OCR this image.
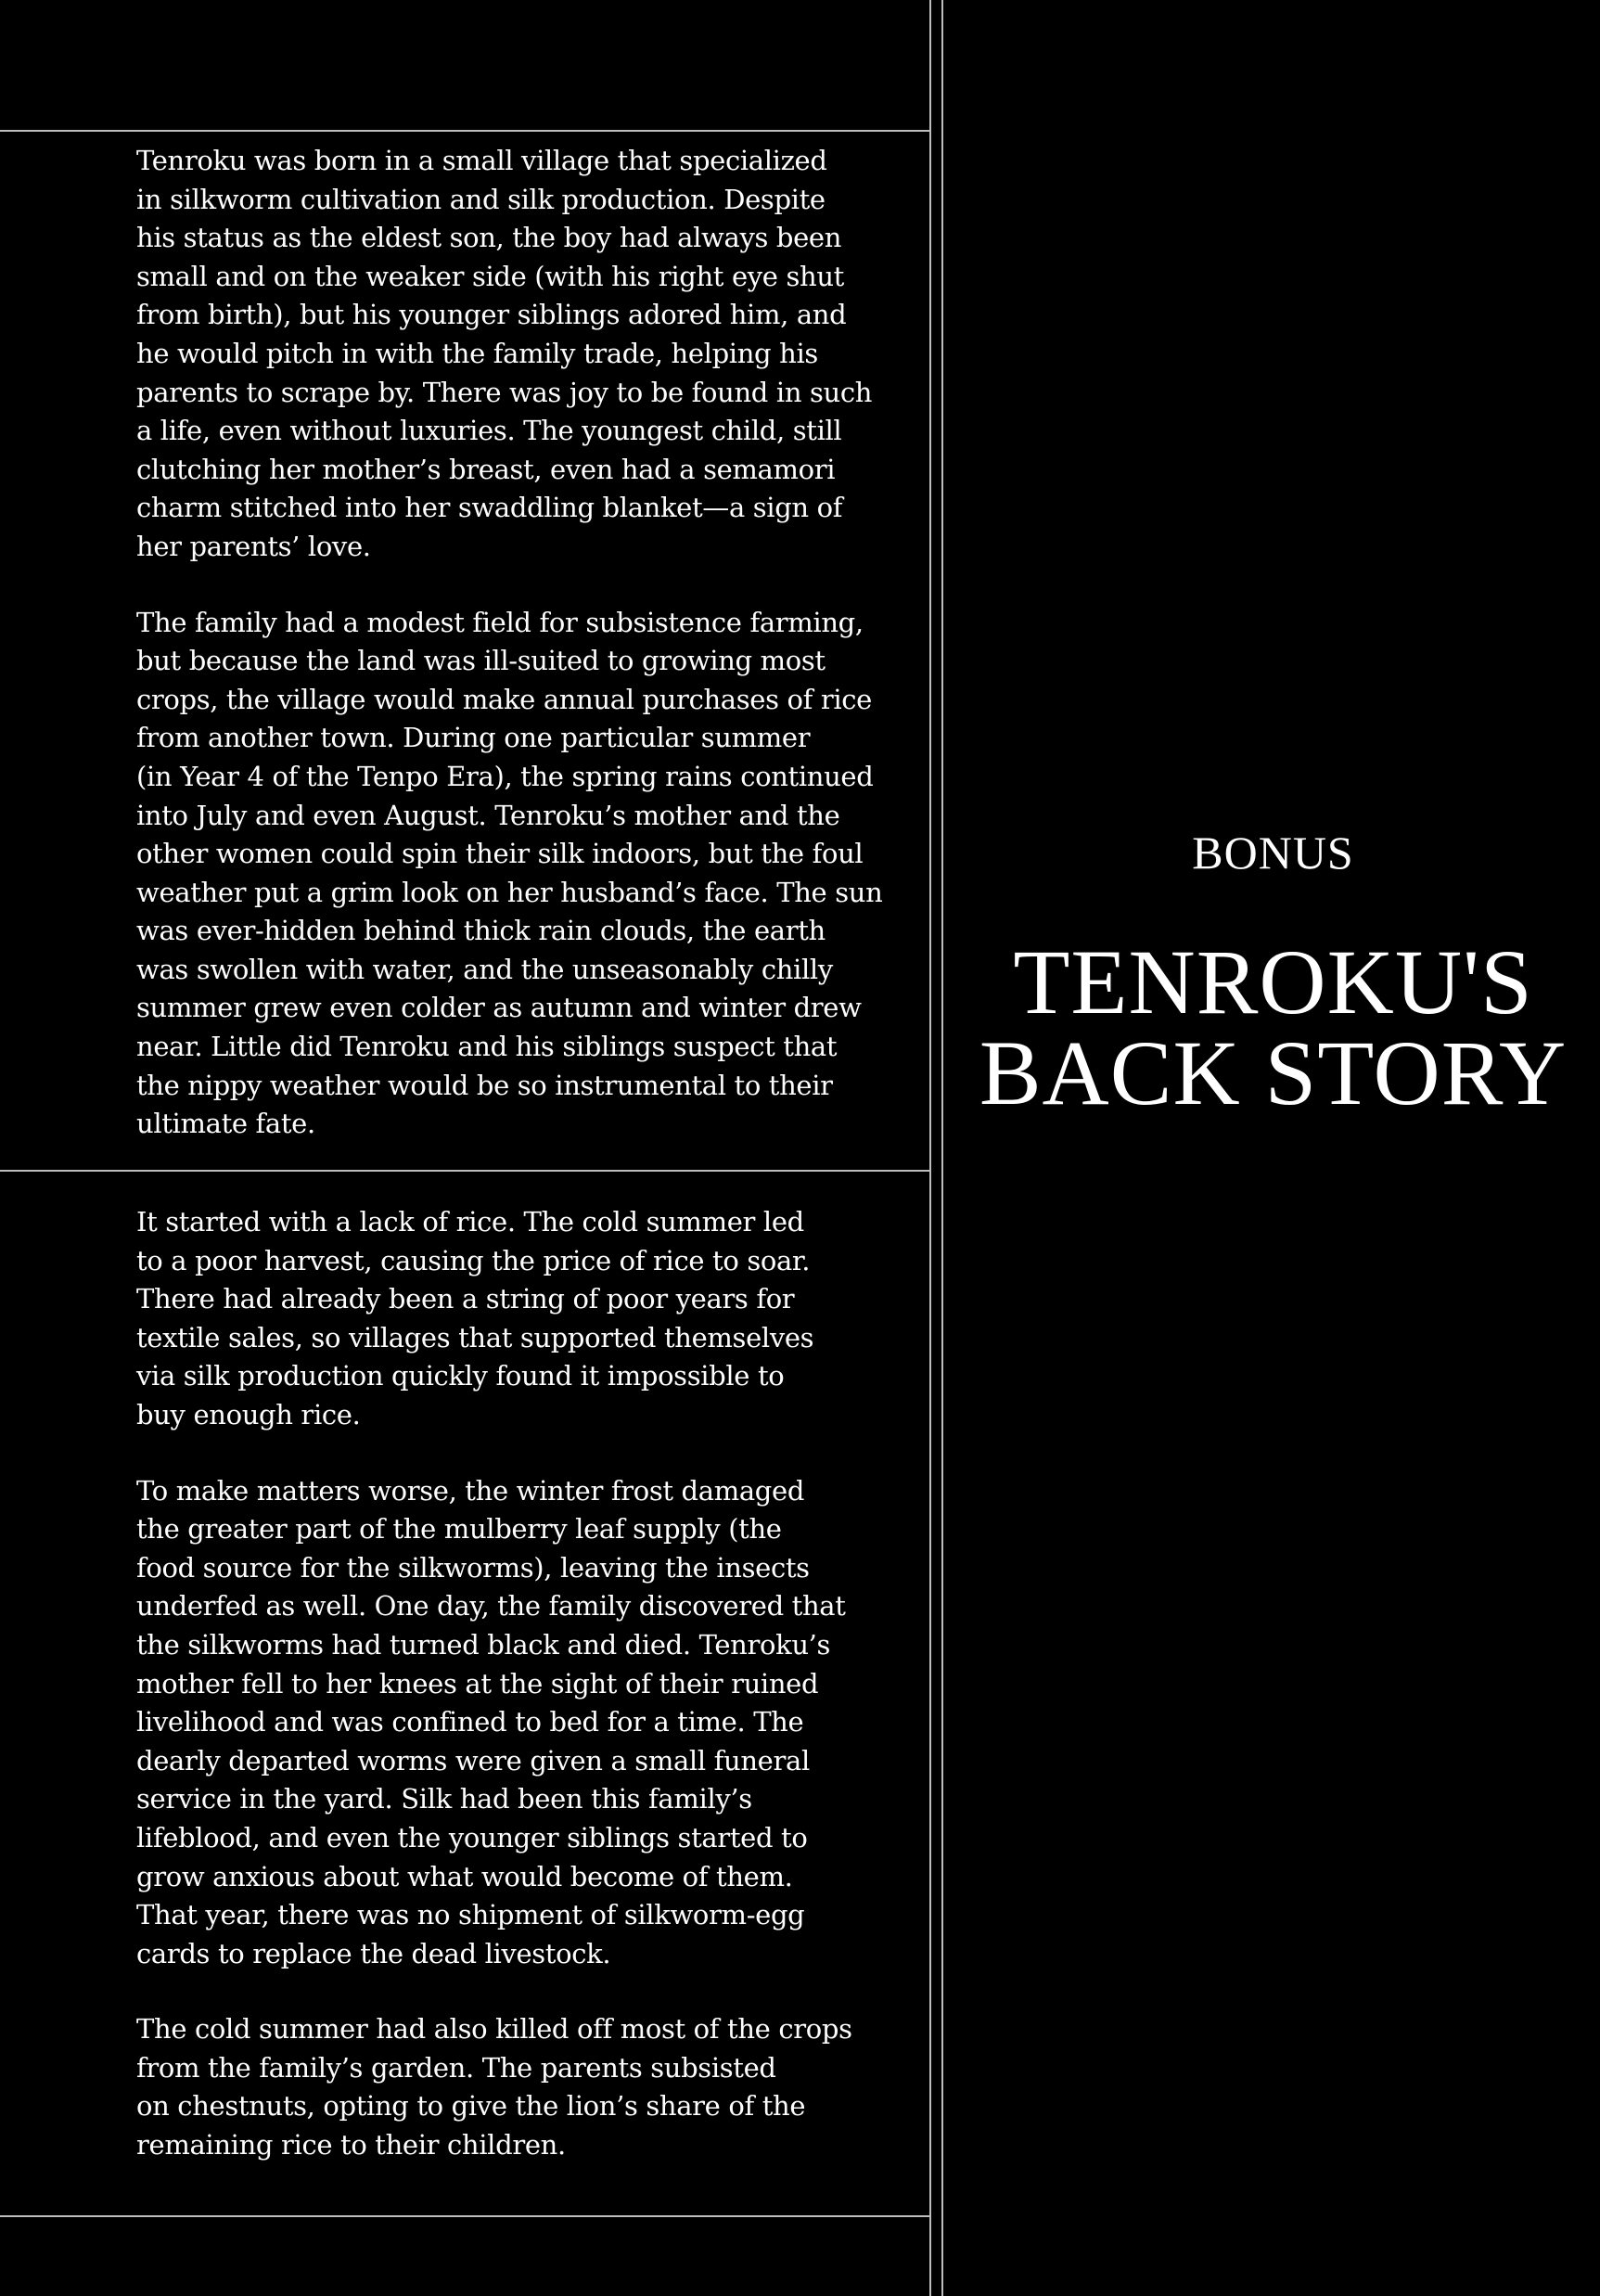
Tenroku was born in a small village that specialized
in silkworm cultivation and silk production. Despite
his status as the eldest son, the boy had always been
small and on the weaker side (with his right eye shut
from birth), but his younger siblings adored him, and
he would pitch in with the family trade, helping his
parents to scrape by. There was joy to be found in such
a life, even without luxuries. The youngest child, still
clutching her mother’s breast, even had a semamori
charm stitched into her swaddling blanket—a sign of
her parents’ love.

The family had a modest field for subsistence farming,
but because the land was ill-suited to growing most
crops, the village would make annual purchases of rice
from another town. During one particular summer
(in Year 4 of the Tenpo Era), the spring rains continued
into July and even August. Tenroku’s mother and the
other women could spin their silk indoors, but the foul
weather put a grim look on her husband’s face. The sun
was ever-hidden behind thick rain clouds, the earth
was swollen with water, and the unseasonably chilly
summer grew even colder as autumn and winter drew
near. Little did Tenroku and his siblings suspect that
the nippy weather would be so instrumental to their
ultimate fate.

It started with a lack of rice. The cold summer led
to a poor harvest, causing the price of rice to soar.
There had already been a string of poor years for
textile sales, so villages that supported themselves
via silk production quickly found it impossible to
buy enough rice.

To make matters worse, the winter frost damaged
the greater part of the mulberry leaf supply (the
food source for the silkworms), leaving the insects
underfed as well. One day, the family discovered that
the silkworms had turned black and died. Tenroku’s
mother fell to her knees at the sight of their ruined
livelihood and was confined to bed for a time. The
dearly departed worms were given a small funeral
service in the yard. Silk had been this family’s
lifeblood, and even the younger siblings started to
grow anxious about what would become of them.
That year, there was no shipment of silkworm-egg
cards to replace the dead livestock.

The cold summer had also killed off most of the crops
from the family’s garden. The parents subsisted
on chestnuts, opting to give the lion’s share of the
remaining rice to their children.

BONUS
TENROKU'S
BACK STORY
